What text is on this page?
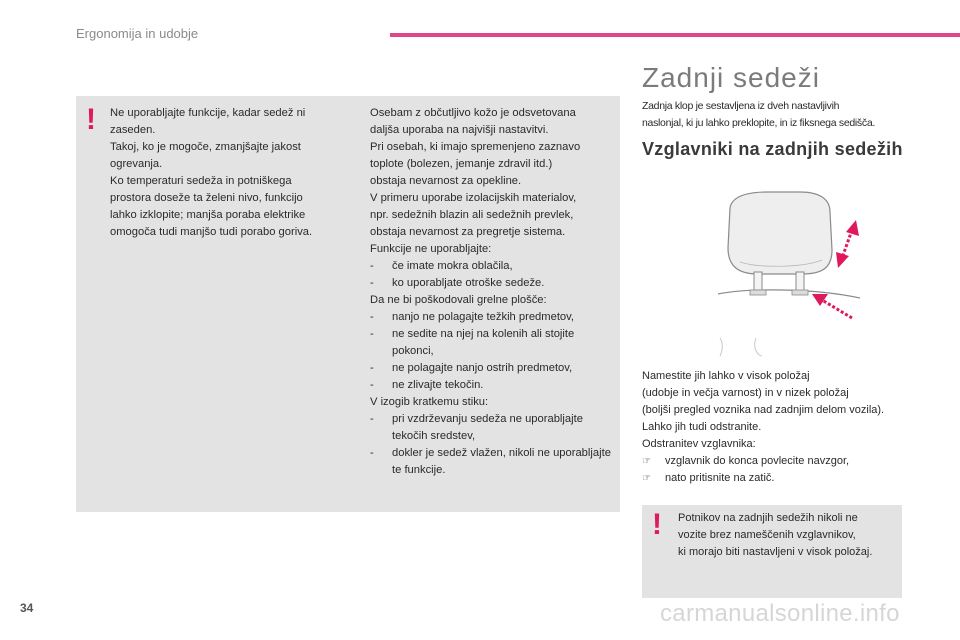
Ergonomija in udobje
! Ne uporabljajte funkcije, kadar sedež ni

zaseden.

Takoj, ko je mogoče, zmanjšajte jakost

ogrevanja.

Ko temperaturi sedeža in potniškega

prostora doseže ta želeni nivo, funkcijo

lahko izklopite; manjša poraba elektrike

omogoča tudi manjšo tudi porabo goriva.

Osebam z občutljivo kožo je odsvetovana

dalјša uporaba na najvišji nastavitvi.

Pri osebah, ki imajo spremenjeno zaznavo

toplote (bolezen, jemanje zdravil itd.)

obstaja nevarnost za opekline.

V primeru uporabe izolacijskih materialov,

npr. sedežnih blazin ali sedežnih prevlek,

obstaja nevarnost za pregretje sistema.

Funkcije ne uporabljajte:

-	če imate mokra oblačila,
-	ko uporabljate otroške sedeže.

Da ne bi poškodovali grelne plošče:

-	nanjo ne polagajte težkih predmetov,
-	ne sedite na njej na kolenih ali stojite pokonci,
-	ne polagajte nanjo ostrih predmetov,
-	ne zlivajte tekočin.

V izogib kratkemu stiku:

-	pri vzdrževanju sedeža ne uporabljajte tekočih sredstev,
-	dokler je sedež vlažen, nikoli ne uporabljajte te funkcije.
Zadnji sedeži
Zadnja klop je sestavljena iz dveh nastavljivih
naslonjal, ki ju lahko preklopite, in iz fiksnega sedišča.
Vzglavniki na zadnjih sedežih

Namestite jih lahko v visok položaj

(udobje in večja varnost) in v nizek položaj

(boljši pregled voznika nad zadnjim delom vozila).

Lahko jih tudi odstranite.

Odstranitev vzglavnika:

☞	vzglavnik do konca povlecite navzgor,
☞	nato pritisnite na zatič.
! Potnikov na zadnjih sedežih nikoli ne

vozite brez nameščenih vzglavnikov,

ki morajo biti nastavljeni v visok položaj.

34	carmanualsonline.info
